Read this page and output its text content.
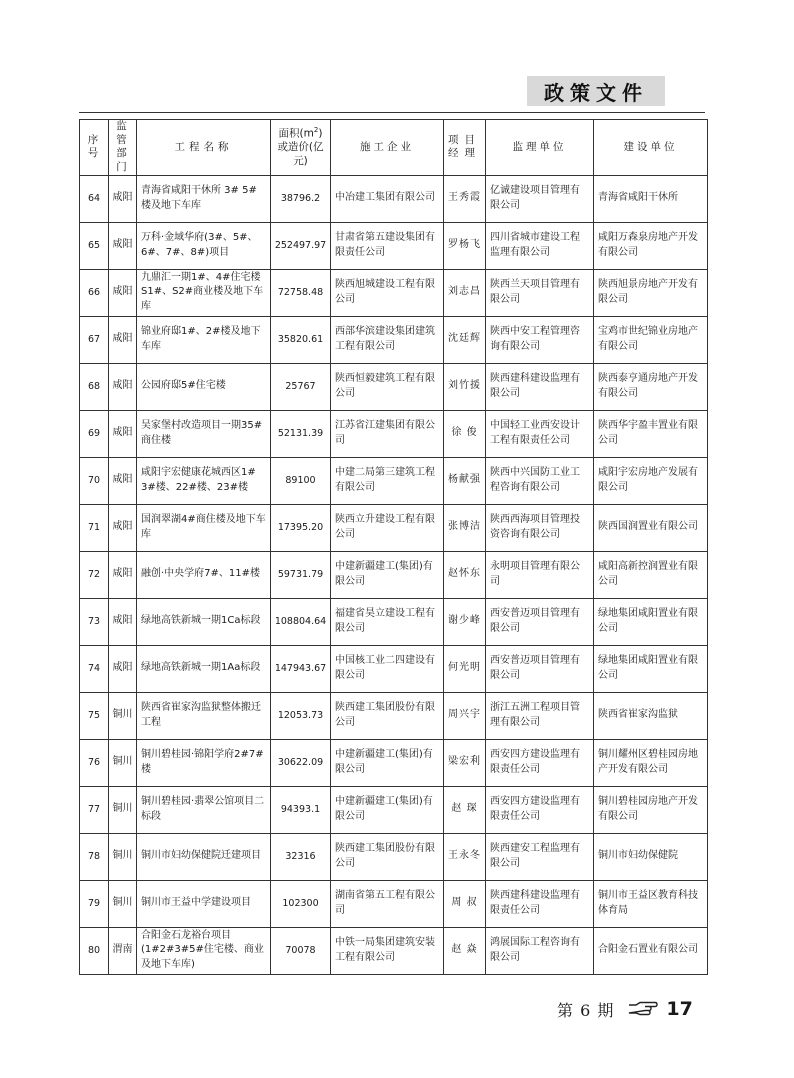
政策文件
序号	监管部门	工程名称	面积$(m^2)$或造价(亿元)	施工企业	项目经理	监理单位	建设单位
64	咸阳	青海省咸阳干休所 3# 5# 楼及地下车库	38796.2	中冶建工集团有限公司	王秀霞	亿诚建设项目管理有限公司	青海省咸阳干休所
65	咸阳	万科·金域华府(3#、5#、6#、7#、8#)项目	252497.97	甘肃省第五建设集团有限责任公司	罗杨飞	四川省城市建设工程监理有限公司	咸阳万森泉房地产开发有限公司
66	咸阳	九鼎汇一期1#、4#住宅楼S1#、S2#商业楼及地下车库	72758.48	陕西旭城建设工程有限公司	刘志昌	陕西兰天项目管理有限公司	陕西旭景房地产开发有限公司
67	咸阳	锦业府邸1#、2#楼及地下车库	35820.61	西部华滨建设集团建筑工程有限公司	沈廷辉	陕西中安工程管理咨询有限公司	宝鸡市世纪锦业房地产有限公司
68	咸阳	公园府邸5#住宅楼	25767	陕西恒毅建筑工程有限公司	刘竹援	陕西建科建设监理有限公司	陕西泰亨通房地产开发有限公司
69	咸阳	吴家堡村改造项目一期35#商住楼	52131.39	江苏省江建集团有限公司	徐 俊	中国轻工业西安设计工程有限责任公司	陕西华宇盈丰置业有限公司
70	咸阳	咸阳宇宏健康花城西区1# 3#楼、22#楼、23#楼	89100	中建二局第三建筑工程有限公司	杨献强	陕西中兴国防工业工程咨询有限公司	咸阳宇宏房地产发展有限公司
71	咸阳	国润翠湖4#商住楼及地下车库	17395.20	陕西立升建设工程有限公司	张博洁	陕西西海项目管理投资咨询有限公司	陕西国润置业有限公司
72	咸阳	融创·中央学府7#、11#楼	59731.79	中建新疆建工(集团)有限公司	赵怀东	永明项目管理有限公司	咸阳高新控润置业有限公司
73	咸阳	绿地高铁新城一期1Ca标段	108804.64	福建省昊立建设工程有限公司	谢少峰	西安普迈项目管理有限公司	绿地集团咸阳置业有限公司
74	咸阳	绿地高铁新城一期1Aa标段	147943.67	中国核工业二四建设有限公司	何光明	西安普迈项目管理有限公司	绿地集团咸阳置业有限公司
75	铜川	陕西省崔家沟监狱整体搬迁工程	12053.73	陕西建工集团股份有限公司	周兴宇	浙江五洲工程项目管理有限公司	陕西省崔家沟监狱
76	铜川	铜川碧桂园·锦阳学府2#7#楼	30622.09	中建新疆建工(集团)有限公司	梁宏利	西安四方建设监理有限责任公司	铜川耀州区碧桂园房地产开发有限公司
77	铜川	铜川碧桂园·翡翠公馆项目二标段	94393.1	中建新疆建工(集团)有限公司	赵 琛	西安四方建设监理有限责任公司	铜川碧桂园房地产开发有限公司
78	铜川	铜川市妇幼保健院迁建项目	32316	陕西建工集团股份有限公司	王永冬	陕西建安工程监理有限公司	铜川市妇幼保健院
79	铜川	铜川市王益中学建设项目	102300	湖南省第五工程有限公司	周 叔	陕西建科建设监理有限责任公司	铜川市王益区教育科技体育局
80	渭南	合阳金石龙裕台项目(1#2#3#5#住宅楼、商业及地下车库)	70078	中铁一局集团建筑安装工程有限公司	赵 焱	鸿展国际工程咨询有限公司	合阳金石置业有限公司
第 6 期	17
